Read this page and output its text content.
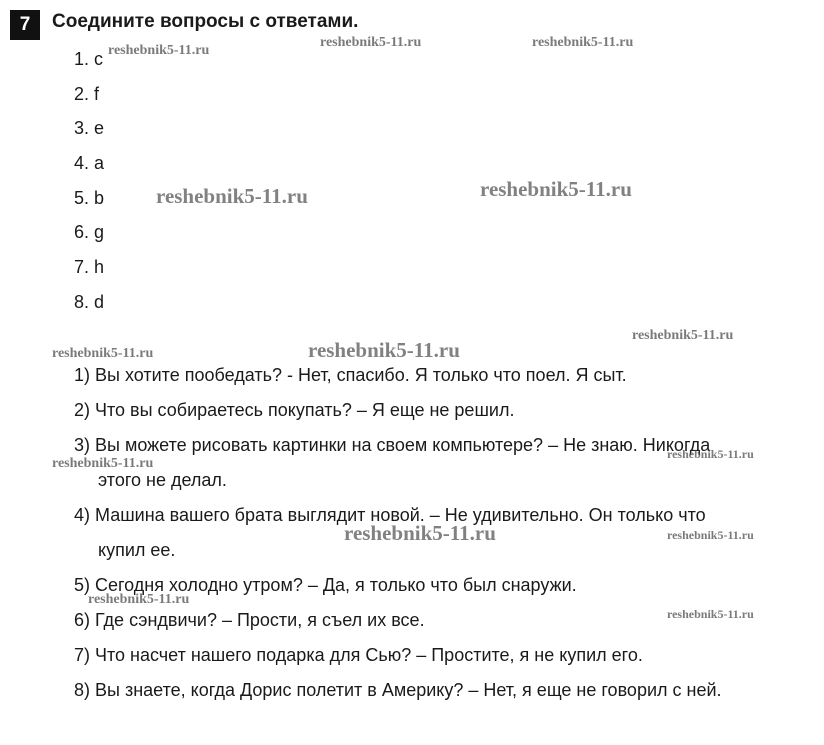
7	Соедините вопросы с ответами.
1. c
2. f
3. e
4. a
5. b
6. g
7. h
8. d
1) Вы хотите пообедать? - Нет, спасибо. Я только что поел. Я сыт.
2) Что вы собираетесь покупать? – Я еще не решил.
3) Вы можете рисовать картинки на своем компьютере? – Не знаю. Никогда
этого не делал.
4) Машина вашего брата выглядит новой. – Не удивительно. Он только что
купил ее.
5) Сегодня холодно утром? – Да, я только что был снаружи.
6) Где сэндвичи? – Прости, я съел их все.
7) Что насчет нашего подарка для Сью? – Простите, я не купил его.
8) Вы знаете, когда Дорис полетит в Америку? – Нет, я еще не говорил с ней.
reshebnik5-11.ru
reshebnik5-11.ru	reshebnik5-11.ru
reshebnik5-11.ru	reshebnik5-11.ru
reshebnik5-11.ru
reshebnik5-11.ru
reshebnik5-11.ru
reshebnik5-11.ru
reshebnik5-11.ru
reshebnik5-11.ru	reshebnik5-11.ru
reshebnik5-11.ru
reshebnik5-11.ru
